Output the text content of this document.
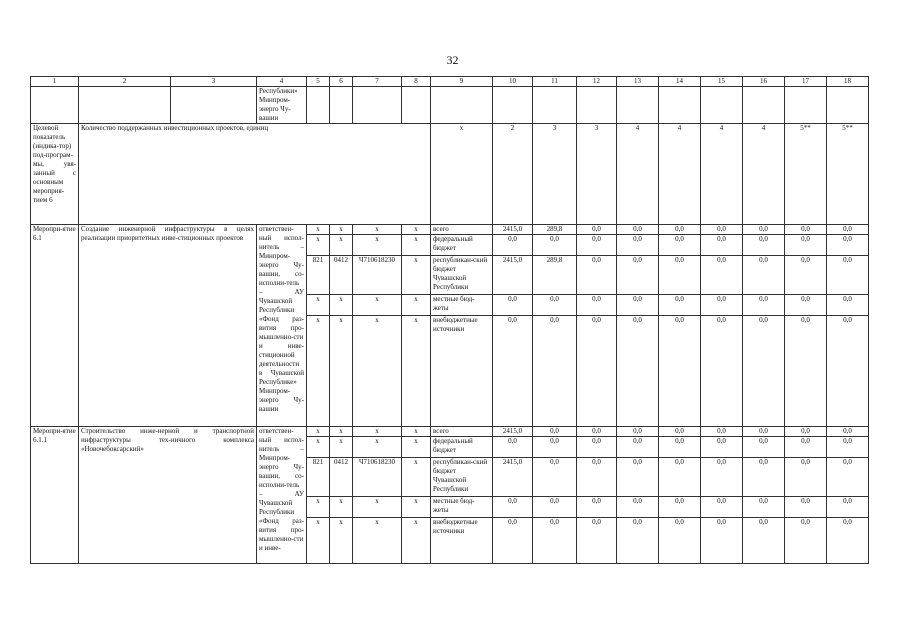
32
1	2	3	4	5	6	7	8	9	10	11	12	13	14	15	16	17	18
			Республики» Минпром-энерго Чу-вашии														
Целевой показатель (индика-тор) под-програм-мы, увя-занный с основным мероприя-тием 6	Количество поддержанных инвестиционных проектов, единиц							x	2	3	3	4	4	4	4	5**	5**
Меропри-ятие 6.1	Создание инженерной инфраструктуры в целях реализации приоритетных инве-стиционных проектов		ответствен-ный испол-нитель – Минпром-энерго Чу-вашии, со-исполни-тель – АУ Чувашской Республики «Фонд раз-вития про-мышленно-сти и инве-стиционной деятельности в Чувашской Республике» Минпром-энерго Чу-вашии	x	x	x	x	всего	2415,0	289,8	0,0	0,0	0,0	0,0	0,0	0,0	0,0
				x	x	x	x	федеральный бюджет	0,0	0,0	0,0	0,0	0,0	0,0	0,0	0,0	0,0
				821	0412	Ч710618230	x	республикан-ский бюджет Чувашской Республики	2415,0	289,8	0,0	0,0	0,0	0,0	0,0	0,0	0,0
				x	x	x	x	местные бюд-жеты	0,0	0,0	0,0	0,0	0,0	0,0	0,0	0,0	0,0
				x	x	x	x	внебюджетные источники	0,0	0,0	0,0	0,0	0,0	0,0	0,0	0,0	0,0
Меропри-ятие 6.1.1	Строительство инже-нерной и транспортной инфраструктуры тех-ничного комплекса «Новочебоксарский»		ответствен-ный испол-нитель – Минпром-энерго Чу-вашии, со-исполни-тель – АУ Чувашской Республики «Фонд раз-вития про-мышленно-сти и инве-	x	x	x	x	всего	2415,0	0,0	0,0	0,0	0,0	0,0	0,0	0,0	0,0
				x	x	x	x	федеральный бюджет	0,0	0,0	0,0	0,0	0,0	0,0	0,0	0,0	0,0
				821	0412	Ч710618230	x	республикан-ский бюджет Чувашской Республики	2415,0	0,0	0,0	0,0	0,0	0,0	0,0	0,0	0,0
				x	x	x	x	местные бюд-жеты	0,0	0,0	0,0	0,0	0,0	0,0	0,0	0,0	0,0
				x	x	x	x	внебюджетные источники	0,0	0,0	0,0	0,0	0,0	0,0	0,0	0,0	0,0
